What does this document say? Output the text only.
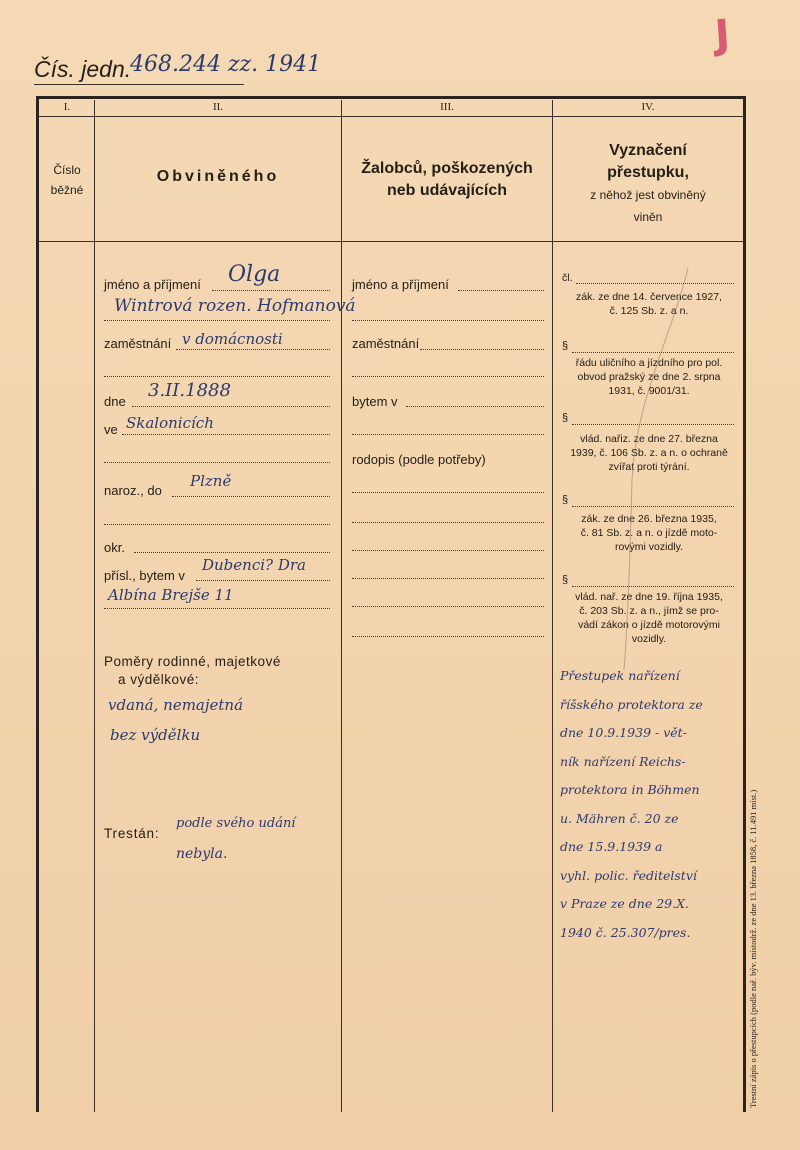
J
Čís. jedn.
468.244 zz. 1941
I.	II.	III.	IV.
Číslo
běžné
Obviněného	Žalobců, poškozených
neb udávajících
Vyznačení
přestupku,
z něhož jest obviněný
viněn
jméno a příjmení Olga
Wintrová rozen. Hofmanová
zaměstnání v domácnosti
dne
3.II.1888
ve Skalonicích
naroz., do
Plzně
okr.
přísl., bytem v
Dubenci? Dra
Albína Brejše 11
Poměry rodinné, majetkové
a výdělkové:
vdaná, nemajetná
bez výdělku
Trestán:
podle svého udání
nebyla.
jméno a příjmení
zaměstnání
bytem v
rodopis (podle potřeby)
čl.
zák. ze dne 14. července 1927,
č. 125 Sb. z. a n.
§
řádu uličního a jízdního pro pol.
obvod pražský ze dne 2. srpna
1931, č. 9001/31.
§
vlád. nařiz. ze dne 27. března
1939, č. 106 Sb. z. a n. o ochraně
zvířat proti týrání.
§
zák. ze dne 26. března 1935,
č. 81 Sb. z. a n. o jízdě moto-
rovými vozidly.
§
vlád. nař. ze dne 19. října 1935,
č. 203 Sb. z. a n., jímž se pro-
vádí zákon o jízdě motorovými
vozidly.
Přestupek nařízení
říšského protektora ze
dne 10.9.1939 - vět-
ník nařízení Reichs-
protektora in Böhmen
u. Mähren č. 20 ze
dne 15.9.1939 a
vyhl. polic. ředitelství
v Praze ze dne 29.X.
1940 č. 25.307/pres.	Trestní zápis o přestupcích (podle nař. býv. místodrž. ze dne 13. března 1858, č. 11.491 míst.)
